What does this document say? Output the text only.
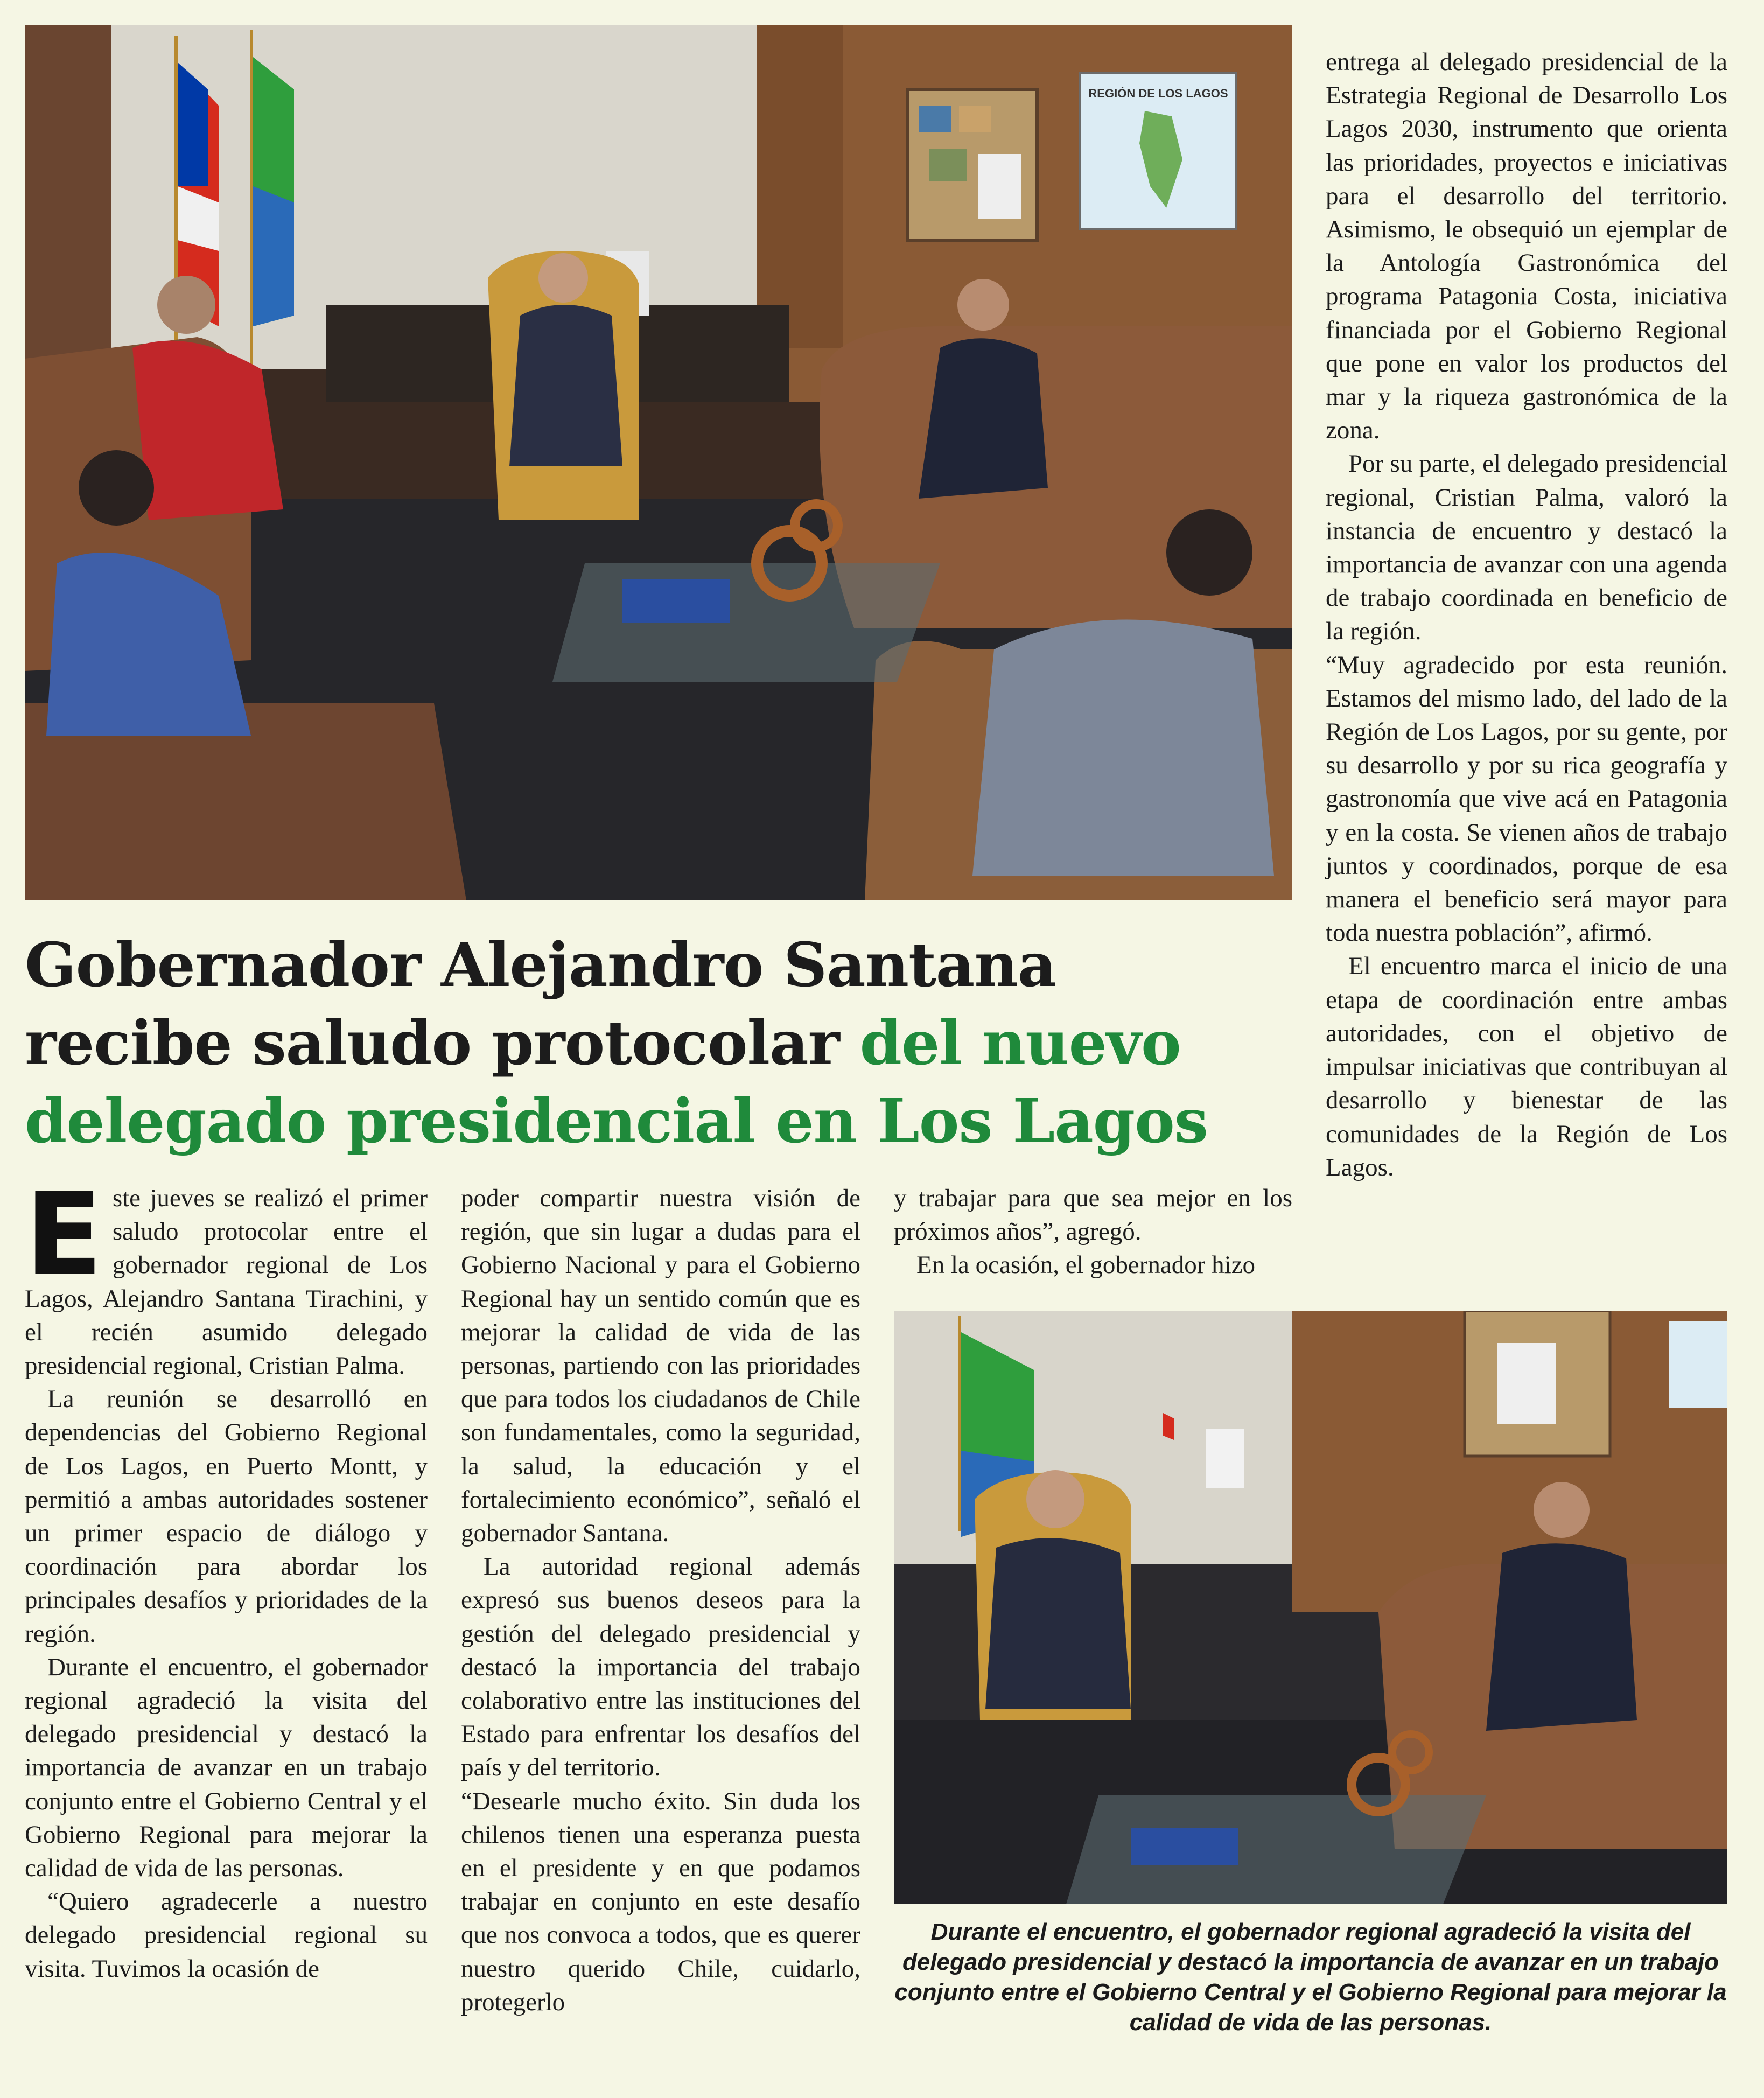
REGIÓN DE LOS LAGOS
Gobernador Alejandro Santana recibe saludo protocolar del nuevo delegado presidencial en Los Lagos

Este jueves se realizó el primer saludo protocolar entre el gobernador regional de Los Lagos, Alejandro Santana Tirachini, y el recién asumido delegado presidencial regional, Cristian Palma.

La reunión se desarrolló en dependencias del Gobierno Regional de Los Lagos, en Puerto Montt, y permitió a ambas autoridades sostener un primer espacio de diálogo y coordinación para abordar los principales desafíos y prioridades de la región.

Durante el encuentro, el gobernador regional agradeció la visita del delegado presidencial y destacó la importancia de avanzar en un trabajo conjunto entre el Gobierno Central y el Gobierno Regional para mejorar la calidad de vida de las personas.

“Quiero agradecerle a nuestro delegado presidencial regional su visita. Tuvimos la ocasión de

poder compartir nuestra visión de región, que sin lugar a dudas para el Gobierno Nacional y para el Gobierno Regional hay un sentido común que es mejorar la calidad de vida de las personas, partiendo con las prioridades que para todos los ciudadanos de Chile son fundamentales, como la seguridad, la salud, la educación y el fortalecimiento económico”, señaló el gobernador Santana.

La autoridad regional además expresó sus buenos deseos para la gestión del delegado presidencial y destacó la importancia del trabajo colaborativo entre las instituciones del Estado para enfrentar los desafíos del país y del territorio.

“Desearle mucho éxito. Sin duda los chilenos tienen una esperanza puesta en el presidente y en que podamos trabajar en conjunto en este desafío que nos convoca a todos, que es querer nuestro querido Chile, cuidarlo, protegerlo

y trabajar para que sea mejor en los próximos años”, agregó.

En la ocasión, el gobernador hizo

entrega al delegado presidencial de la Estrategia Regional de Desarrollo Los Lagos 2030, instrumento que orienta las prioridades, proyectos e iniciativas para el desarrollo del territorio. Asimismo, le obsequió un ejemplar de la Antología Gastronómica del programa Patagonia Costa, iniciativa financiada por el Gobierno Regional que pone en valor los productos del mar y la riqueza gastronómica de la zona.

Por su parte, el delegado presidencial regional, Cristian Palma, valoró la instancia de encuentro y destacó la importancia de avanzar con una agenda de trabajo coordinada en beneficio de la región.

“Muy agradecido por esta reunión. Estamos del mismo lado, del lado de la Región de Los Lagos, por su gente, por su desarrollo y por su rica geografía y gastronomía que vive acá en Patagonia y en la costa. Se vienen años de trabajo juntos y coordinados, porque de esa manera el beneficio será mayor para toda nuestra población”, afirmó.

El encuentro marca el inicio de una etapa de coordinación entre ambas autoridades, con el objetivo de impulsar iniciativas que contribuyan al desarrollo y bienestar de las comunidades de la Región de Los Lagos.

Durante el encuentro, el gobernador regional agradeció la visita del delegado presidencial y destacó la importancia de avanzar en un trabajo conjunto entre el Gobierno Central y el Gobierno Regional para mejorar la calidad de vida de las personas.
